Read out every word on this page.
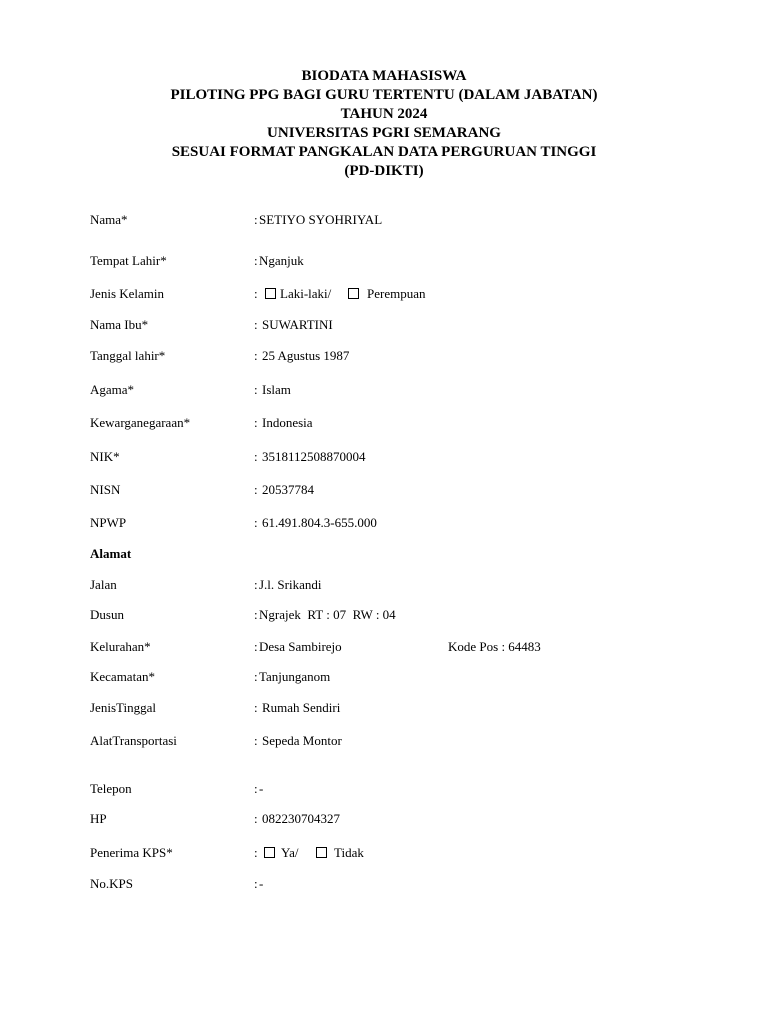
BIODATA MAHASISWA
PILOTING PPG BAGI GURU TERTENTU (DALAM JABATAN)
TAHUN 2024
UNIVERSITAS PGRI SEMARANG
SESUAI FORMAT PANGKALAN DATA PERGURUAN TINGGI
(PD-DIKTI)
Nama*	: SETIYO SYOHRIYAL
Tempat Lahir*	: Nganjuk
Jenis Kelamin	: Laki-laki/	Perempuan
Nama Ibu*	: SUWARTINI
Tanggal lahir*	: 25 Agustus 1987
Agama*	: Islam
Kewarganegaraan*	: Indonesia
NIK*	: 3518112508870004
NISN	: 20537784
NPWP	: 61.491.804.3-655.000
Alamat
Jalan	: J.l. Srikandi
Dusun	: Ngrajek  RT : 07  RW : 04
Kelurahan*	: Desa Sambirejo	Kode Pos : 64483
Kecamatan*	: Tanjunganom
JenisTinggal	: Rumah Sendiri
AlatTransportasi	: Sepeda Montor
Telepon	: -
HP	: 082230704327
Penerima KPS*	: Ya/	Tidak
No.KPS	: -
